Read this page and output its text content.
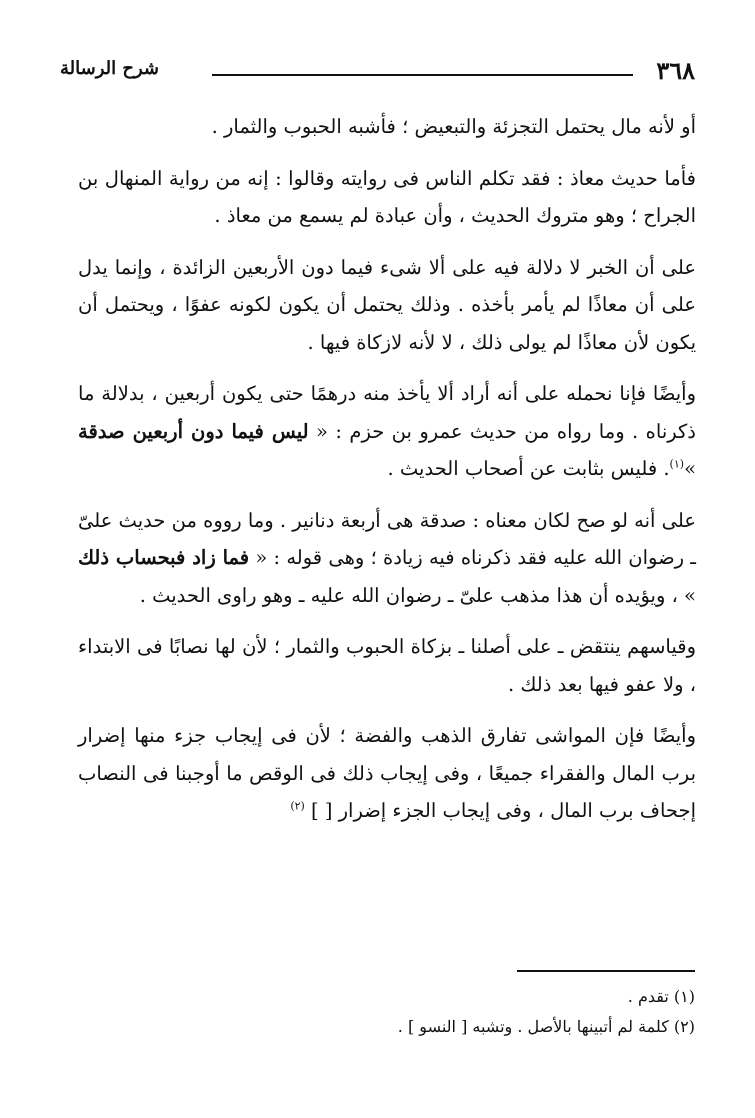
٣٦٨
شرح الرسالة

أو لأنه مال يحتمل التجزئة والتبعيض ؛ فأشبه الحبوب والثمار .

فأما حديث معاذ : فقد تكلم الناس فى روايته وقالوا : إنه من رواية المنهال بن الجراح ؛ وهو متروك الحديث ، وأن عبادة لم يسمع من معاذ .

على أن الخبر لا دلالة فيه على ألا شىء فيما دون الأربعين الزائدة ، وإنما يدل على أن معاذًا لم يأمر بأخذه . وذلك يحتمل أن يكون لكونه عفوًا ، ويحتمل أن يكون لأن معاذًا لم يولى ذلك ، لا لأنه لازكاة فيها .

وأيضًا فإنا نحمله على أنه أراد ألا يأخذ منه درهمًا حتى يكون أربعين ، بدلالة ما ذكرناه . وما رواه من حديث عمرو بن حزم : « ليس فيما دون أربعين صدقة »$^{(١)}$. فليس بثابت عن أصحاب الحديث .

على أنه لو صح لكان معناه : صدقة هى أربعة دنانير . وما رووه من حديث علىّ ـ رضوان الله عليه فقد ذكرناه فيه زيادة ؛ وهى قوله : « فما زاد فبحساب ذلك » ، ويؤيده أن هذا مذهب علىّ ـ رضوان الله عليه ـ وهو راوى الحديث .

وقياسهم ينتقض ـ على أصلنا ـ بزكاة الحبوب والثمار ؛ لأن لها نصابًا فى الابتداء ، ولا عفو فيها بعد ذلك .

وأيضًا فإن المواشى تفارق الذهب والفضة ؛ لأن فى إيجاب جزء منها إضرار برب المال والفقراء جميعًا ، وفى إيجاب ذلك فى الوقص ما أوجبنا فى النصاب إجحاف برب المال ، وفى إيجاب الجزء إضرار [ ] $^{(٢)}$

(١) تقدم .

(٢) كلمة لم أتبينها بالأصل . وتشبه [ النسو ] .
